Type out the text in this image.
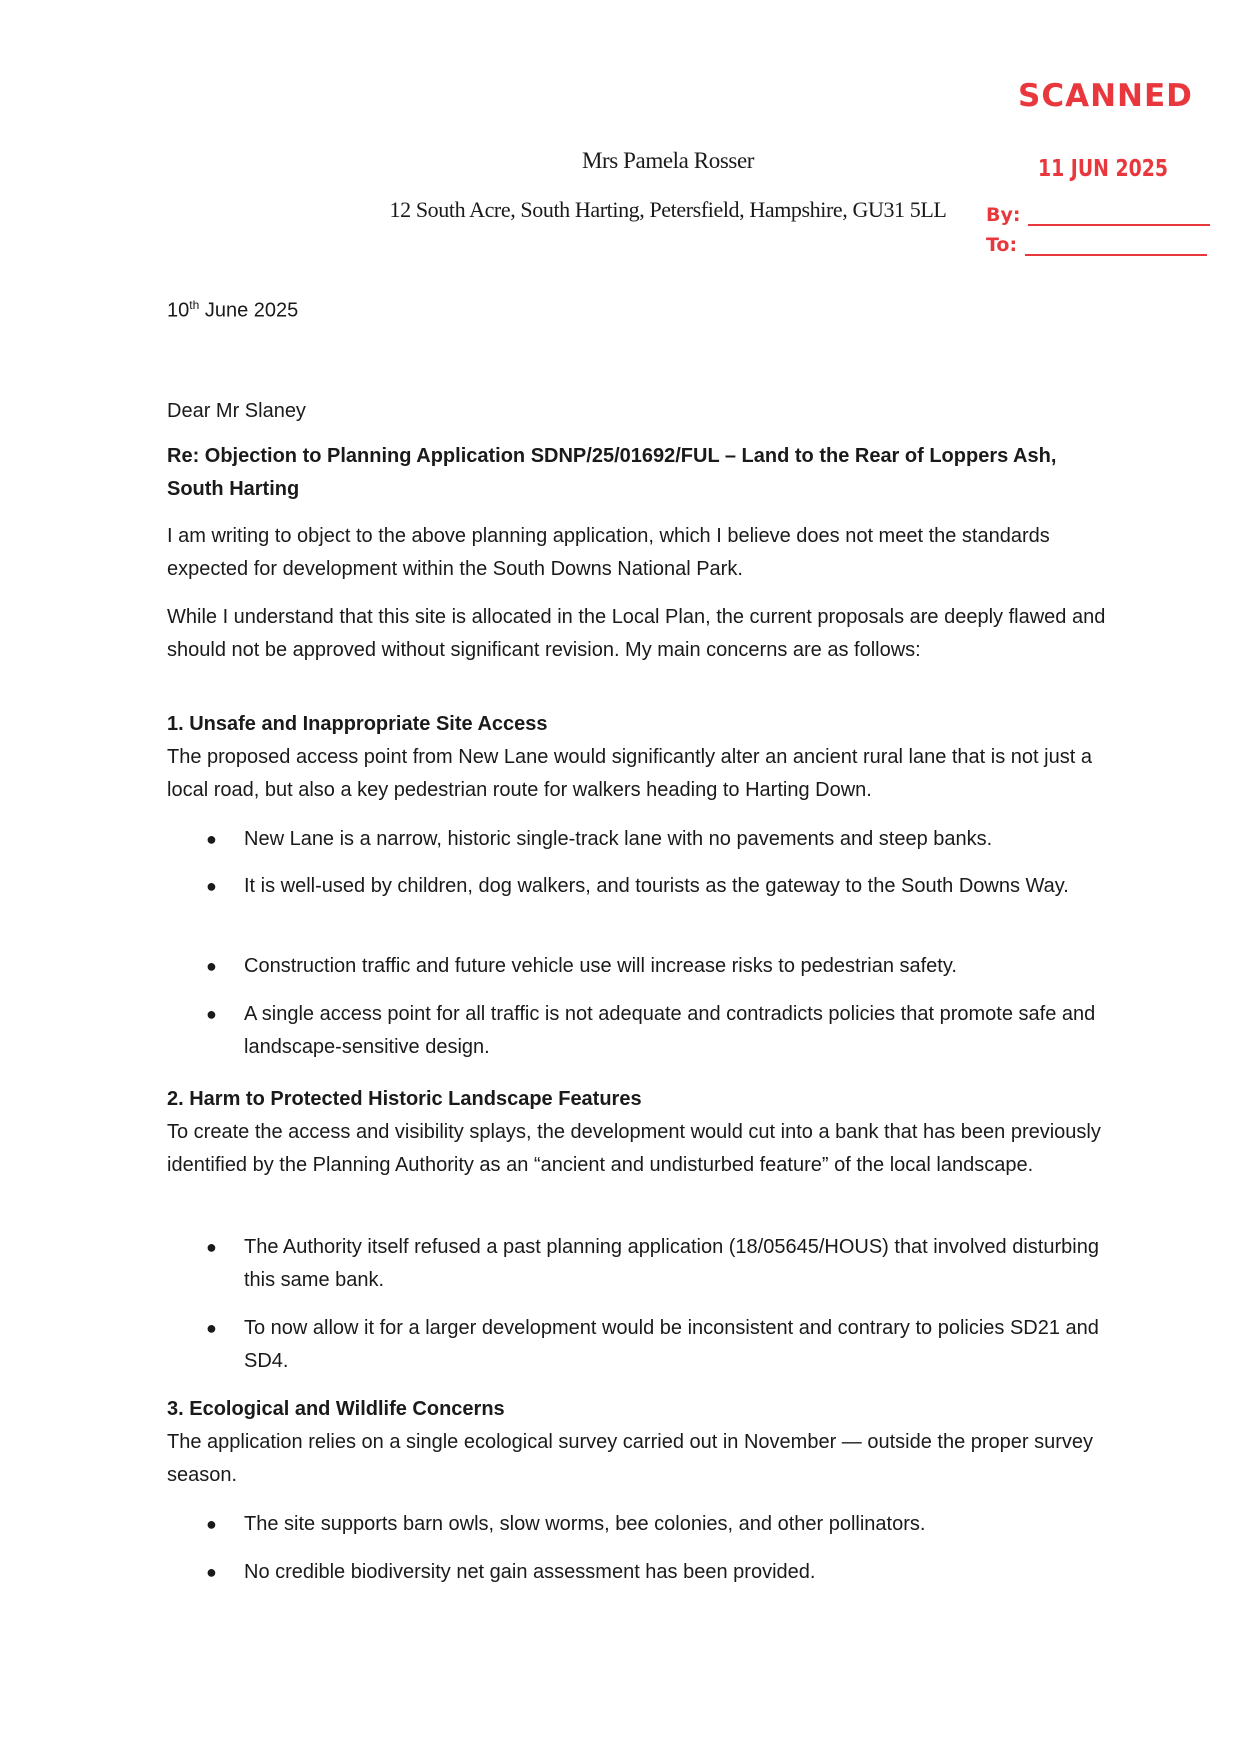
SCANNED
11 JUN 2025
By:
To:
Mrs Pamela Rosser
12 South Acre, South Harting, Petersfield, Hampshire, GU31 5LL
10th June 2025
Dear Mr Slaney
Re: Objection to Planning Application SDNP/25/01692/FUL – Land to the Rear of Loppers Ash, South Harting
I am writing to object to the above planning application, which I believe does not meet the standards expected for development within the South Downs National Park.
While I understand that this site is allocated in the Local Plan, the current proposals are deeply flawed and should not be approved without significant revision. My main concerns are as follows:
1. Unsafe and Inappropriate Site Access
The proposed access point from New Lane would significantly alter an ancient rural lane that is not just a local road, but also a key pedestrian route for walkers heading to Harting Down.
● New Lane is a narrow, historic single-track lane with no pavements and steep banks.
● It is well-used by children, dog walkers, and tourists as the gateway to the South Downs Way.
● Construction traffic and future vehicle use will increase risks to pedestrian safety.
● A single access point for all traffic is not adequate and contradicts policies that promote safe and landscape-sensitive design.
2. Harm to Protected Historic Landscape Features
To create the access and visibility splays, the development would cut into a bank that has been previously identified by the Planning Authority as an “ancient and undisturbed feature” of the local landscape.
● The Authority itself refused a past planning application (18/05645/HOUS) that involved disturbing this same bank.
● To now allow it for a larger development would be inconsistent and contrary to policies SD21 and SD4.
3. Ecological and Wildlife Concerns
The application relies on a single ecological survey carried out in November — outside the proper survey season.
● The site supports barn owls, slow worms, bee colonies, and other pollinators.
● No credible biodiversity net gain assessment has been provided.
